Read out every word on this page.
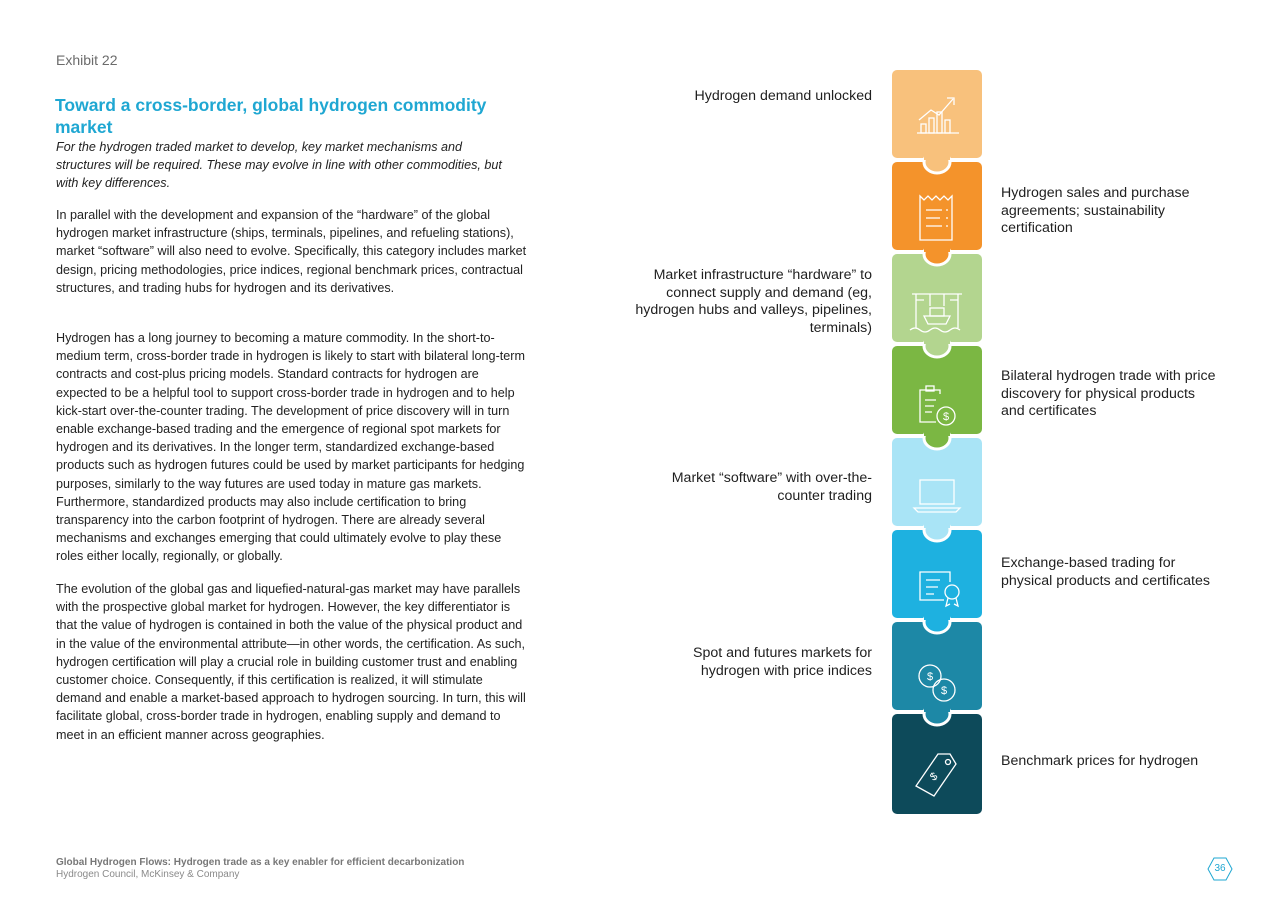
Exhibit 22
Toward a cross-border, global hydrogen commodity market
For the hydrogen traded market to develop, key market mechanisms and structures will be required. These may evolve in line with other commodities, but with key differences.
In parallel with the development and expansion of the “hardware” of the global hydrogen market infrastructure (ships, terminals, pipelines, and refueling stations), market “software” will also need to evolve. Specifically, this category includes market design, pricing methodologies, price indices, regional benchmark prices, contractual structures, and trading hubs for hydrogen and its derivatives.
Hydrogen has a long journey to becoming a mature commodity. In the short-to-medium term, cross-border trade in hydrogen is likely to start with bilateral long-term contracts and cost-plus pricing models. Standard contracts for hydrogen are expected to be a helpful tool to support cross-border trade in hydrogen and to help kick-start over-the-counter trading. The development of price discovery will in turn enable exchange-based trading and the emergence of regional spot markets for hydrogen and its derivatives. In the longer term, standardized exchange-based products such as hydrogen futures could be used by market participants for hedging purposes, similarly to the way futures are used today in mature gas markets. Furthermore, standardized products may also include certification to bring transparency into the carbon footprint of hydrogen. There are already several mechanisms and exchanges emerging that could ultimately evolve to play these roles either locally, regionally, or globally.
The evolution of the global gas and liquefied-natural-gas market may have parallels with the prospective global market for hydrogen. However, the key differentiator is that the value of hydrogen is contained in both the value of the physical product and in the value of the environmental attribute—in other words, the certification. As such, hydrogen certification will play a crucial role in building customer trust and enabling customer choice. Consequently, if this certification is realized, it will stimulate demand and enable a market-based approach to hydrogen sourcing. In turn, this will facilitate global, cross-border trade in hydrogen, enabling supply and demand to meet in an efficient manner across geographies.
$
$
$
$
Hydrogen demand unlocked
Hydrogen sales and purchase agreements; sustainability certification
Market infrastructure “hardware” to connect supply and demand (eg, hydrogen hubs and valleys, pipelines, terminals)
Bilateral hydrogen trade with price discovery for physical products and certificates
Market “software” with over-the-counter trading
Exchange-based trading for physical products and certificates
Spot and futures markets for hydrogen with price indices
Benchmark prices for hydrogen
Global Hydrogen Flows: Hydrogen trade as a key enabler for efficient decarbonization
Hydrogen Council, McKinsey & Company
36
